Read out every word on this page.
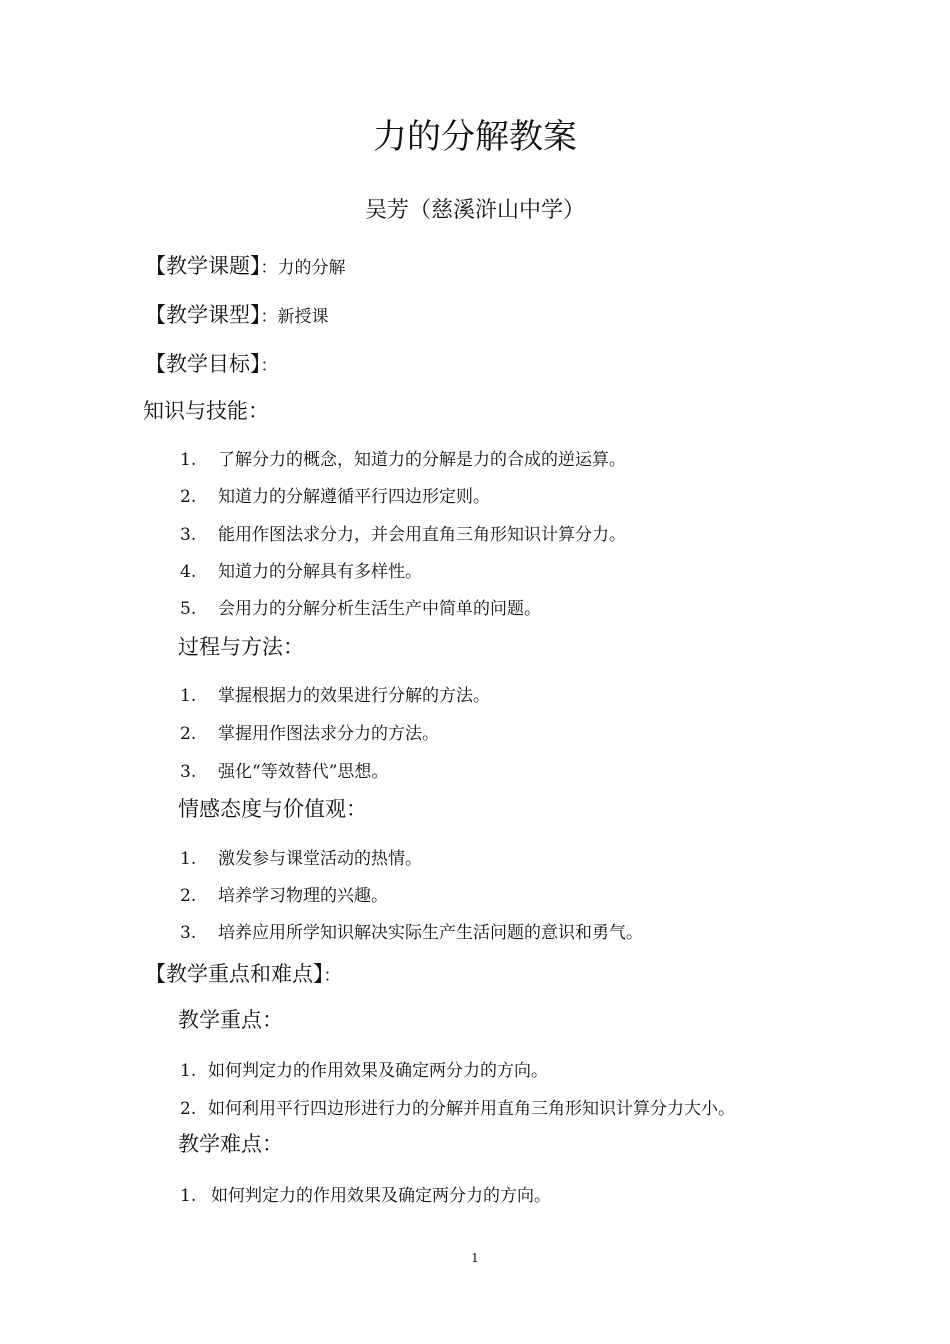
力的分解教案
吴芳（慈溪浒山中学）
【教学课题】：力的分解
【教学课型】：新授课
【教学目标】：
知识与技能：
1. 了解分力的概念，知道力的分解是力的合成的逆运算。
2. 知道力的分解遵循平行四边形定则。
3. 能用作图法求分力，并会用直角三角形知识计算分力。
4. 知道力的分解具有多样性。
5. 会用力的分解分析生活生产中简单的问题。
过程与方法：
1. 掌握根据力的效果进行分解的方法。
2. 掌握用作图法求分力的方法。
3. 强化“等效替代”思想。
情感态度与价值观：
1. 激发参与课堂活动的热情。
2. 培养学习物理的兴趣。
3. 培养应用所学知识解决实际生产生活问题的意识和勇气。
【教学重点和难点】：
教学重点：
1. 如何判定力的作用效果及确定两分力的方向。
2. 如何利用平行四边形进行力的分解并用直角三角形知识计算分力大小。
教学难点：
1. 如何判定力的作用效果及确定两分力的方向。
1
